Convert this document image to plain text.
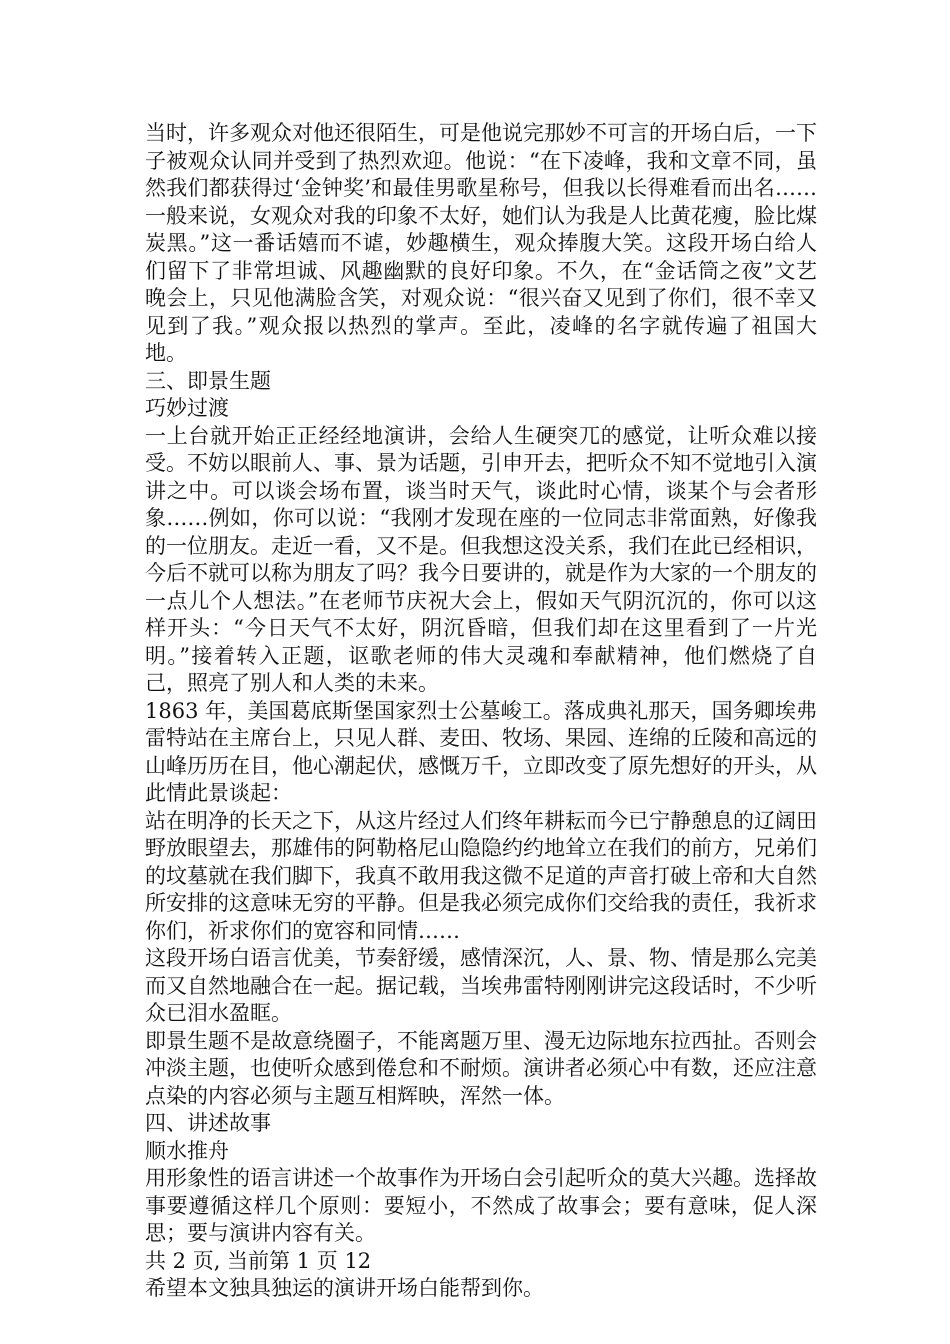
当时，许多观众对他还很陌生，可是他说完那妙不可言的开场白后，一下子被观众认同并受到了热烈欢迎。他说：“在下凌峰，我和文章不同，虽然我们都获得过‘金钟奖’和最佳男歌星称号，但我以长得难看而出名……一般来说，女观众对我的印象不太好，她们认为我是人比黄花瘦，脸比煤炭黑。”这一番话嬉而不谑，妙趣横生，观众捧腹大笑。这段开场白给人们留下了非常坦诚、风趣幽默的良好印象。不久，在“金话筒之夜”文艺晚会上，只见他满脸含笑，对观众说：“很兴奋又见到了你们，很不幸又见到了我。”观众报以热烈的掌声。至此，凌峰的名字就传遍了祖国大地。

三、即景生题

巧妙过渡

一上台就开始正正经经地演讲，会给人生硬突兀的感觉，让听众难以接受。不妨以眼前人、事、景为话题，引申开去，把听众不知不觉地引入演讲之中。可以谈会场布置，谈当时天气，谈此时心情，谈某个与会者形象……例如，你可以说：“我刚才发现在座的一位同志非常面熟，好像我的一位朋友。走近一看，又不是。但我想这没关系，我们在此已经相识，今后不就可以称为朋友了吗？我今日要讲的，就是作为大家的一个朋友的一点儿个人想法。”在老师节庆祝大会上，假如天气阴沉沉的，你可以这样开头：“今日天气不太好，阴沉昏暗，但我们却在这里看到了一片光明。”接着转入正题，讴歌老师的伟大灵魂和奉献精神，他们燃烧了自己，照亮了别人和人类的未来。

1863 年，美国葛底斯堡国家烈士公墓峻工。落成典礼那天，国务卿埃弗雷特站在主席台上，只见人群、麦田、牧场、果园、连绵的丘陵和高远的山峰历历在目，他心潮起伏，感慨万千，立即改变了原先想好的开头，从此情此景谈起：

站在明净的长天之下，从这片经过人们终年耕耘而今已宁静憩息的辽阔田野放眼望去，那雄伟的阿勒格尼山隐隐约约地耸立在我们的前方，兄弟们的坟墓就在我们脚下，我真不敢用我这微不足道的声音打破上帝和大自然所安排的这意味无穷的平静。但是我必须完成你们交给我的责任，我祈求你们，祈求你们的宽容和同情……

这段开场白语言优美，节奏舒缓，感情深沉，人、景、物、情是那么完美而又自然地融合在一起。据记载，当埃弗雷特刚刚讲完这段话时，不少听众已泪水盈眶。

即景生题不是故意绕圈子，不能离题万里、漫无边际地东拉西扯。否则会冲淡主题，也使听众感到倦怠和不耐烦。演讲者必须心中有数，还应注意点染的内容必须与主题互相辉映，浑然一体。

四、讲述故事

顺水推舟

用形象性的语言讲述一个故事作为开场白会引起听众的莫大兴趣。选择故事要遵循这样几个原则：要短小，不然成了故事会；要有意味，促人深思；要与演讲内容有关。

共 2 页, 当前第 1 页 12

希望本文独具独运的演讲开场白能帮到你。
